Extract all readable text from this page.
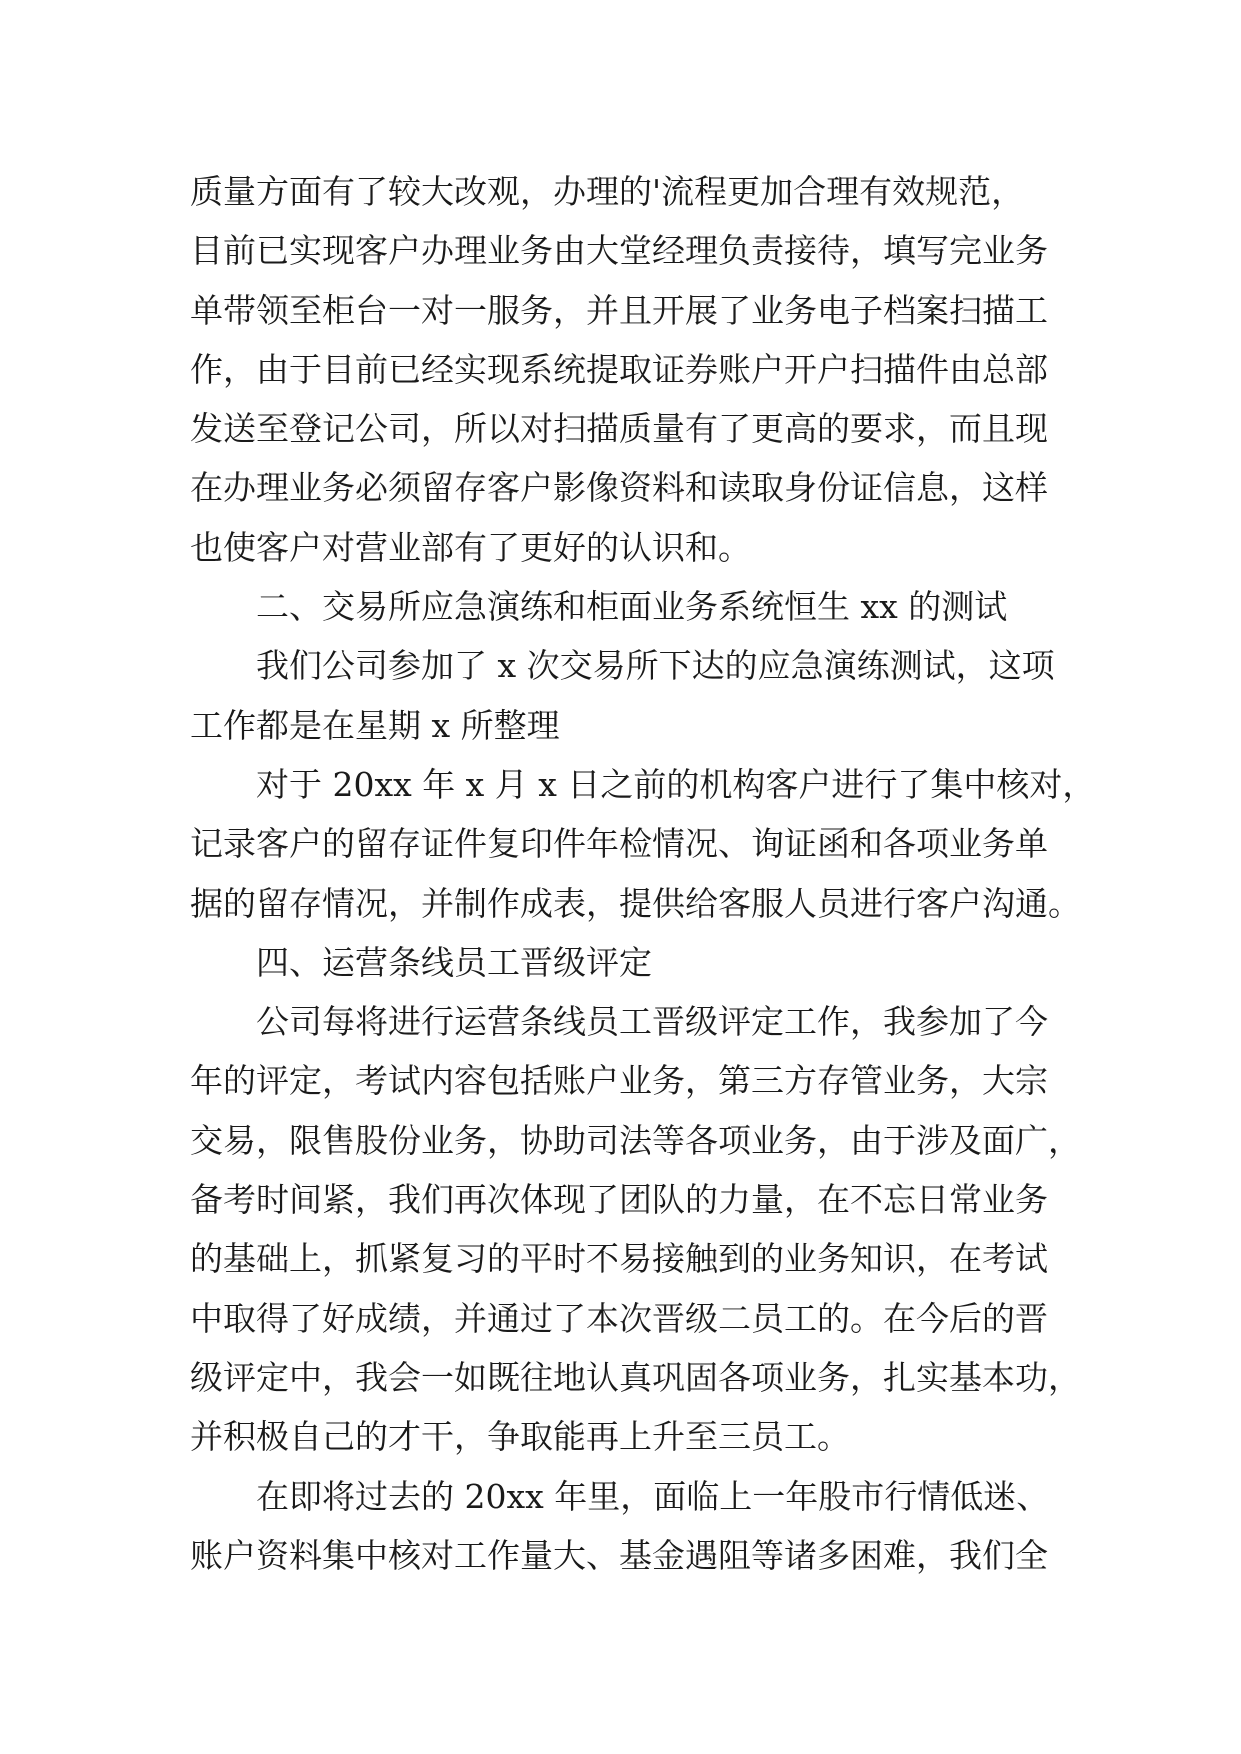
质量方面有了较大改观，办理的'流程更加合理有效规范，
目前已实现客户办理业务由大堂经理负责接待，填写完业务
单带领至柜台一对一服务，并且开展了业务电子档案扫描工
作，由于目前已经实现系统提取证券账户开户扫描件由总部
发送至登记公司，所以对扫描质量有了更高的要求，而且现
在办理业务必须留存客户影像资料和读取身份证信息，这样
也使客户对营业部有了更好的认识和。
二、交易所应急演练和柜面业务系统恒生 xx 的测试
我们公司参加了 x 次交易所下达的应急演练测试，这项
工作都是在星期 x 所整理
对于 20xx 年 x 月 x 日之前的机构客户进行了集中核对，
记录客户的留存证件复印件年检情况、询证函和各项业务单
据的留存情况，并制作成表，提供给客服人员进行客户沟通。
四、运营条线员工晋级评定
公司每将进行运营条线员工晋级评定工作，我参加了今
年的评定，考试内容包括账户业务，第三方存管业务，大宗
交易，限售股份业务，协助司法等各项业务，由于涉及面广，
备考时间紧，我们再次体现了团队的力量，在不忘日常业务
的基础上，抓紧复习的平时不易接触到的业务知识，在考试
中取得了好成绩，并通过了本次晋级二员工的。在今后的晋
级评定中，我会一如既往地认真巩固各项业务，扎实基本功，
并积极自己的才干，争取能再上升至三员工。
在即将过去的 20xx 年里，面临上一年股市行情低迷、
账户资料集中核对工作量大、基金遇阻等诸多困难，我们全
